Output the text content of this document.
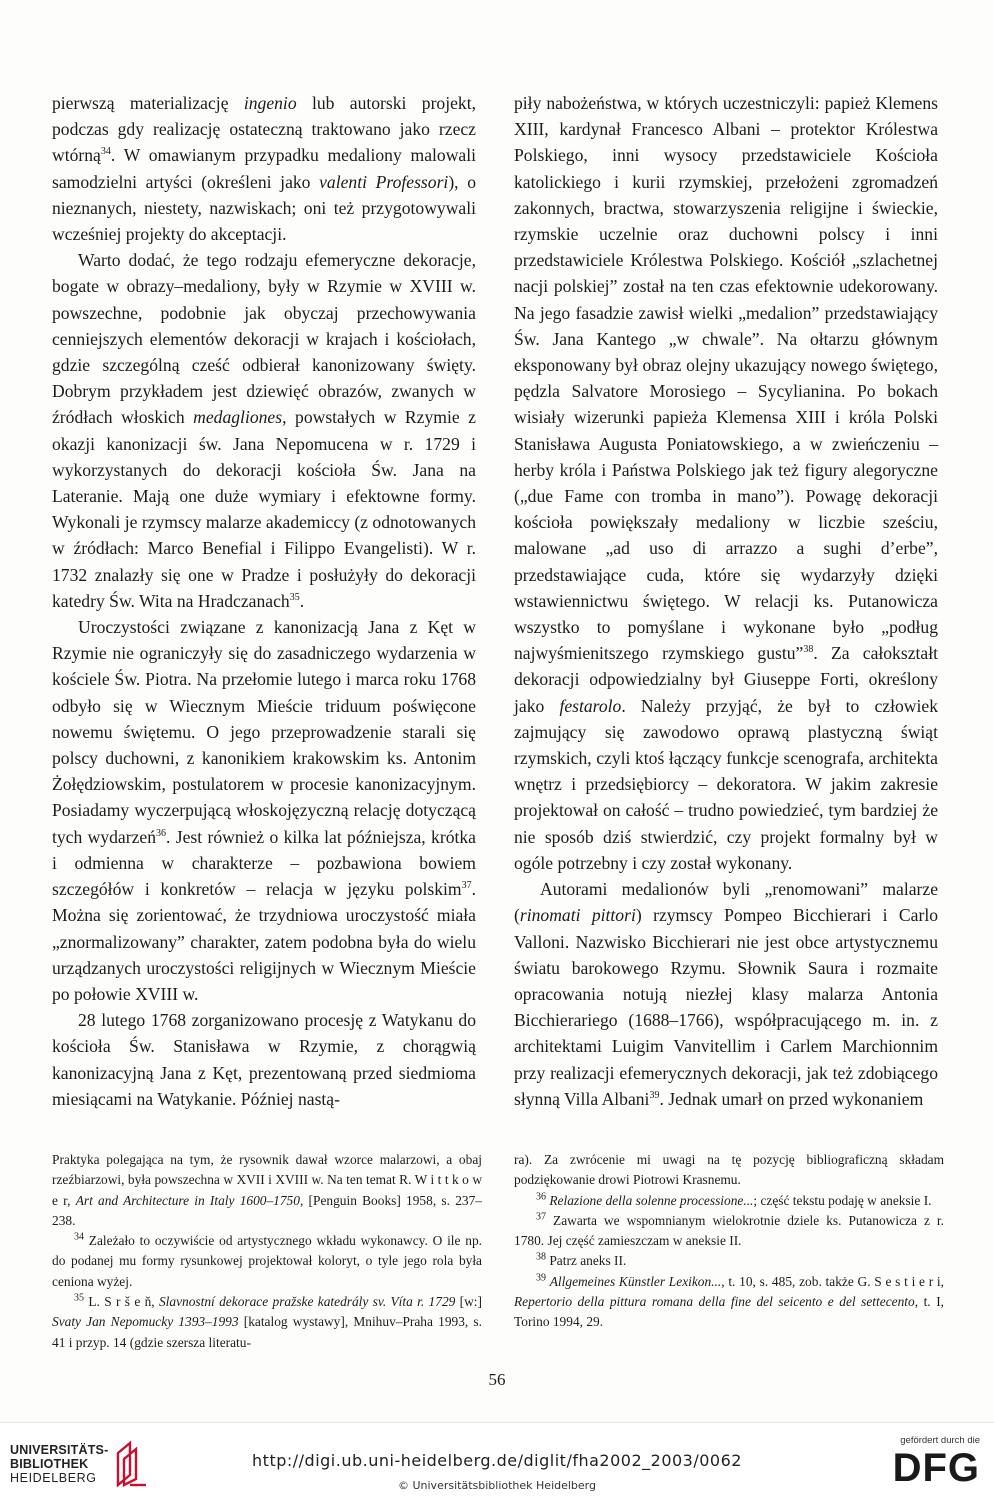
pierwszą materializację ingenio lub autorski projekt, podczas gdy realizację ostateczną traktowano jako rzecz wtórną$^{34}$. W omawianym przypadku medaliony malowali samodzielni artyści (określeni jako valenti Professori), o nieznanych, niestety, nazwiskach; oni też przygotowywali wcześniej projekty do akceptacji.

Warto dodać, że tego rodzaju efemeryczne dekoracje, bogate w obrazy–medaliony, były w Rzymie w XVIII w. powszechne, podobnie jak obyczaj przechowywania cenniejszych elementów dekoracji w krajach i kościołach, gdzie szczególną cześć odbierał kanonizowany święty. Dobrym przykładem jest dziewięć obrazów, zwanych w źródłach włoskich medagliones, powstałych w Rzymie z okazji kanonizacji św. Jana Nepomucena w r. 1729 i wykorzystanych do dekoracji kościoła Św. Jana na Lateranie. Mają one duże wymiary i efektowne formy. Wykonali je rzymscy malarze akademiccy (z odnotowanych w źródłach: Marco Benefial i Filippo Evangelisti). W r. 1732 znalazły się one w Pradze i posłużyły do dekoracji katedry Św. Wita na Hradczanach$^{35}$.

Uroczystości związane z kanonizacją Jana z Kęt w Rzymie nie ograniczyły się do zasadniczego wydarzenia w kościele Św. Piotra. Na przełomie lutego i marca roku 1768 odbyło się w Wiecznym Mieście triduum poświęcone nowemu świętemu. O jego przeprowadzenie starali się polscy duchowni, z kanonikiem krakowskim ks. Antonim Żołędziowskim, postulatorem w procesie kanonizacyjnym. Posiadamy wyczerpującą włoskojęzyczną relację dotyczącą tych wydarzeń$^{36}$. Jest również o kilka lat późniejsza, krótka i odmienna w charakterze – pozbawiona bowiem szczegółów i konkretów – relacja w języku polskim$^{37}$. Można się zorientować, że trzydniowa uroczystość miała „znormalizowany” charakter, zatem podobna była do wielu urządzanych uroczystości religijnych w Wiecznym Mieście po połowie XVIII w.

28 lutego 1768 zorganizowano procesję z Watykanu do kościoła Św. Stanisława w Rzymie, z chorągwią kanonizacyjną Jana z Kęt, prezentowaną przed siedmioma miesiącami na Watykanie. Później nastą-

piły nabożeństwa, w których uczestniczyli: papież Klemens XIII, kardynał Francesco Albani – protektor Królestwa Polskiego, inni wysocy przedstawiciele Kościoła katolickiego i kurii rzymskiej, przełożeni zgromadzeń zakonnych, bractwa, stowarzyszenia religijne i świeckie, rzymskie uczelnie oraz duchowni polscy i inni przedstawiciele Królestwa Polskiego. Kościół „szlachetnej nacji polskiej” został na ten czas efektownie udekorowany. Na jego fasadzie zawisł wielki „medalion” przedstawiający Św. Jana Kantego „w chwale”. Na ołtarzu głównym eksponowany był obraz olejny ukazujący nowego świętego, pędzla Salvatore Morosiego – Sycylianina. Po bokach wisiały wizerunki papieża Klemensa XIII i króla Polski Stanisława Augusta Poniatowskiego, a w zwieńczeniu – herby króla i Państwa Polskiego jak też figury alegoryczne („due Fame con tromba in mano”). Powagę dekoracji kościoła powiększały medaliony w liczbie sześciu, malowane „ad uso di arrazzo a sughi d’erbe”, przedstawiające cuda, które się wydarzyły dzięki wstawiennictwu świętego. W relacji ks. Putanowicza wszystko to pomyślane i wykonane było „podług najwyśmienitszego rzymskiego gustu”$^{38}$. Za całokształt dekoracji odpowiedzialny był Giuseppe Forti, określony jako festarolo. Należy przyjąć, że był to człowiek zajmujący się zawodowo oprawą plastyczną świąt rzymskich, czyli ktoś łączący funkcje scenografa, architekta wnętrz i przedsiębiorcy – dekoratora. W jakim zakresie projektował on całość – trudno powiedzieć, tym bardziej że nie sposób dziś stwierdzić, czy projekt formalny był w ogóle potrzebny i czy został wykonany.

Autorami medalionów byli „renomowani” malarze (rinomati pittori) rzymscy Pompeo Bicchierari i Carlo Valloni. Nazwisko Bicchierari nie jest obce artystycznemu światu barokowego Rzymu. Słownik Saura i rozmaite opracowania notują niezłej klasy malarza Antonia Bicchierariego (1688–1766), współpracującego m. in. z architektami Luigim Vanvitellim i Carlem Marchionnim przy realizacji efemerycznych dekoracji, jak też zdobiącego słynną Villa Albani$^{39}$. Jednak umarł on przed wykonaniem

Praktyka polegająca na tym, że rysownik dawał wzorce malarzowi, a obaj rzeźbiarzowi, była powszechna w XVII i XVIII w. Na ten temat R. W i t t k o w e r, Art and Architecture in Italy 1600–1750, [Penguin Books] 1958, s. 237–238.

$^{34}$ Zależało to oczywiście od artystycznego wkładu wykonawcy. O ile np. do podanej mu formy rysunkowej projektował koloryt, o tyle jego rola była ceniona wyżej.

$^{35}$ L. S r š e ň, Slavnostní dekorace pražske katedrály sv. Víta r. 1729 [w:] Svaty Jan Nepomucky 1393–1993 [katalog wystawy], Mnihuv–Praha 1993, s. 41 i przyp. 14 (gdzie szersza literatu-

ra). Za zwrócenie mi uwagi na tę pozycję bibliograficzną składam podziękowanie drowi Piotrowi Krasnemu.

$^{36}$ Relazione della solenne processione...; część tekstu podaję w aneksie I.

$^{37}$ Zawarta we wspomnianym wielokrotnie dziele ks. Putanowicza z r. 1780. Jej część zamieszczam w aneksie II.

$^{38}$ Patrz aneks II.

$^{39}$ Allgemeines Künstler Lexikon..., t. 10, s. 485, zob. także G. S e s t i e r i, Repertorio della pittura romana della fine del seicento e del settecento, t. I, Torino 1994, 29.

56
UNIVERSITÄTS-
BIBLIOTHEK
HEIDELBERG
http://digi.ub.uni-heidelberg.de/diglit/fha2002_2003/0062
© Universitätsbibliothek Heidelberg
gefördert durch die
DFG
